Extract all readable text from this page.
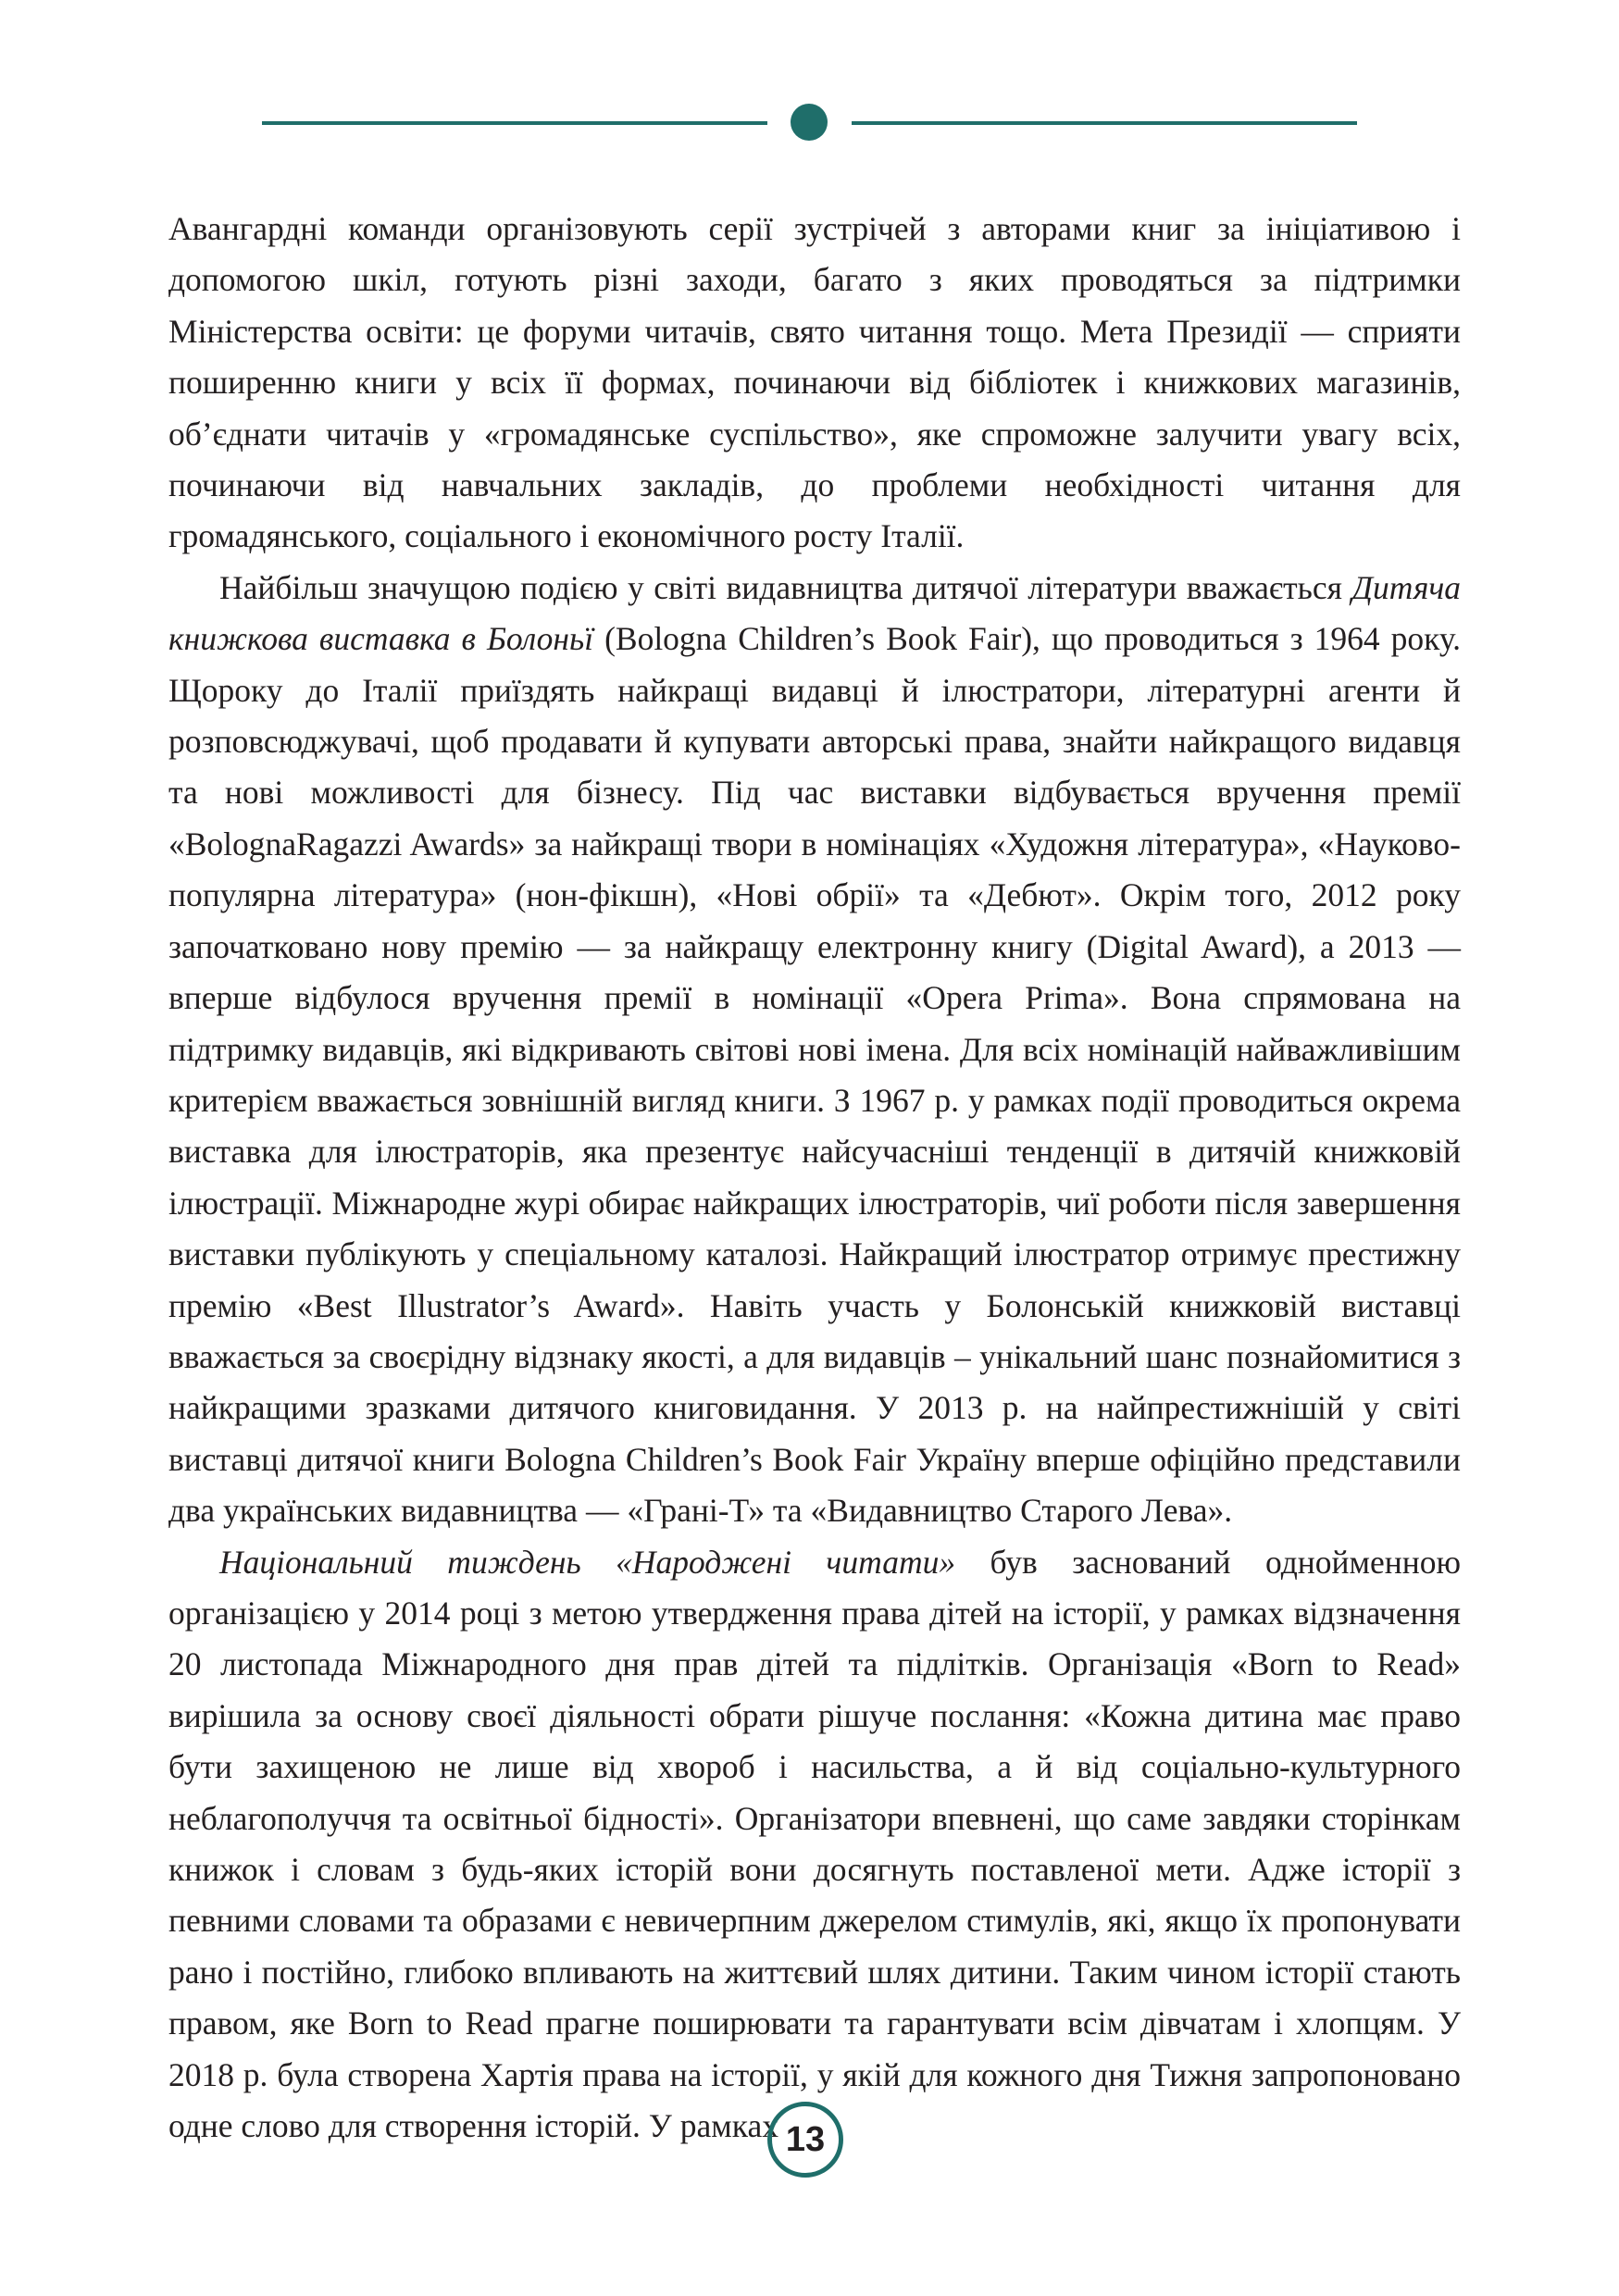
Авангардні команди організовують серії зустрічей з авторами книг за ініціативою і допомогою шкіл, готують різні заходи, багато з яких проводяться за підтримки Міністерства освіти: це форуми читачів, свято читання тощо. Мета Президії — сприяти поширенню книги у всіх її формах, починаючи від бібліотек і книжкових магазинів, об’єднати читачів у «громадянське суспільство», яке спроможне залучити увагу всіх, починаючи від навчальних закладів, до проблеми необхідності читання для громадянського, соціального і економічного росту Італії.

Найбільш значущою подією у світі видавництва дитячої літератури вважається Дитяча книжкова виставка в Болоньї (Bologna Children’s Book Fair), що проводиться з 1964 року. Щороку до Італії приїздять найкращі видавці й ілюстратори, літературні агенти й розповсюджувачі, щоб продавати й купувати авторські права, знайти найкращого видавця та нові можливості для бізнесу. Під час виставки відбувається вручення премії «BolognaRagazzi Awards» за найкращі твори в номінаціях «Художня література», «Науково-популярна література» (нон-фікшн), «Нові обрії» та «Дебют». Окрім того, 2012 року започатковано нову премію — за найкращу електронну книгу (Digital Award), а 2013 — вперше відбулося вручення премії в номінації «Opera Prima». Вона спрямована на підтримку видавців, які відкривають світові нові імена. Для всіх номінацій найважливішим критерієм вважається зовнішній вигляд книги. З 1967 р. у рамках події проводиться окрема виставка для ілюстраторів, яка презентує найсучасніші тенденції в дитячій книжковій ілюстрації. Міжнародне журі обирає найкращих ілюстраторів, чиї роботи після завершення виставки публікують у спеціальному каталозі. Найкращий ілюстратор отримує престижну премію «Best Illustrator’s Award». Навіть участь у Болонській книжковій виставці вважається за своєрідну відзнаку якості, а для видавців – унікальний шанс познайомитися з найкращими зразками дитячого книговидання. У 2013 р. на найпрестижнішій у світі виставці дитячої книги Bologna Children’s Book Fair Україну вперше офіційно представили два українських видавництва — «Грані-Т» та «Видавництво Старого Лева».

Національний тиждень «Народжені читати» був заснований однойменною організацією у 2014 році з метою утвердження права дітей на історії, у рамках відзначення 20 листопада Міжнародного дня прав дітей та підлітків. Організація «Born to Read» вирішила за основу своєї діяльності обрати рішуче послання: «Кожна дитина має право бути захищеною не лише від хвороб і насильства, а й від соціально-культурного неблагополуччя та освітньої бідності». Організатори впевнені, що саме завдяки сторінкам книжок і словам з будь-яких історій вони досягнуть поставленої мети. Адже історії з певними словами та образами є невичерпним джерелом стимулів, які, якщо їх пропонувати рано і постійно, глибоко впливають на життєвий шлях дитини. Таким чином історії стають правом, яке Born to Read прагне поширювати та гарантувати всім дівчатам і хлопцям. У 2018 р. була створена Хартія права на історії, у якій для кожного дня Тижня запропоновано одне слово для створення історій. У рамках 13
